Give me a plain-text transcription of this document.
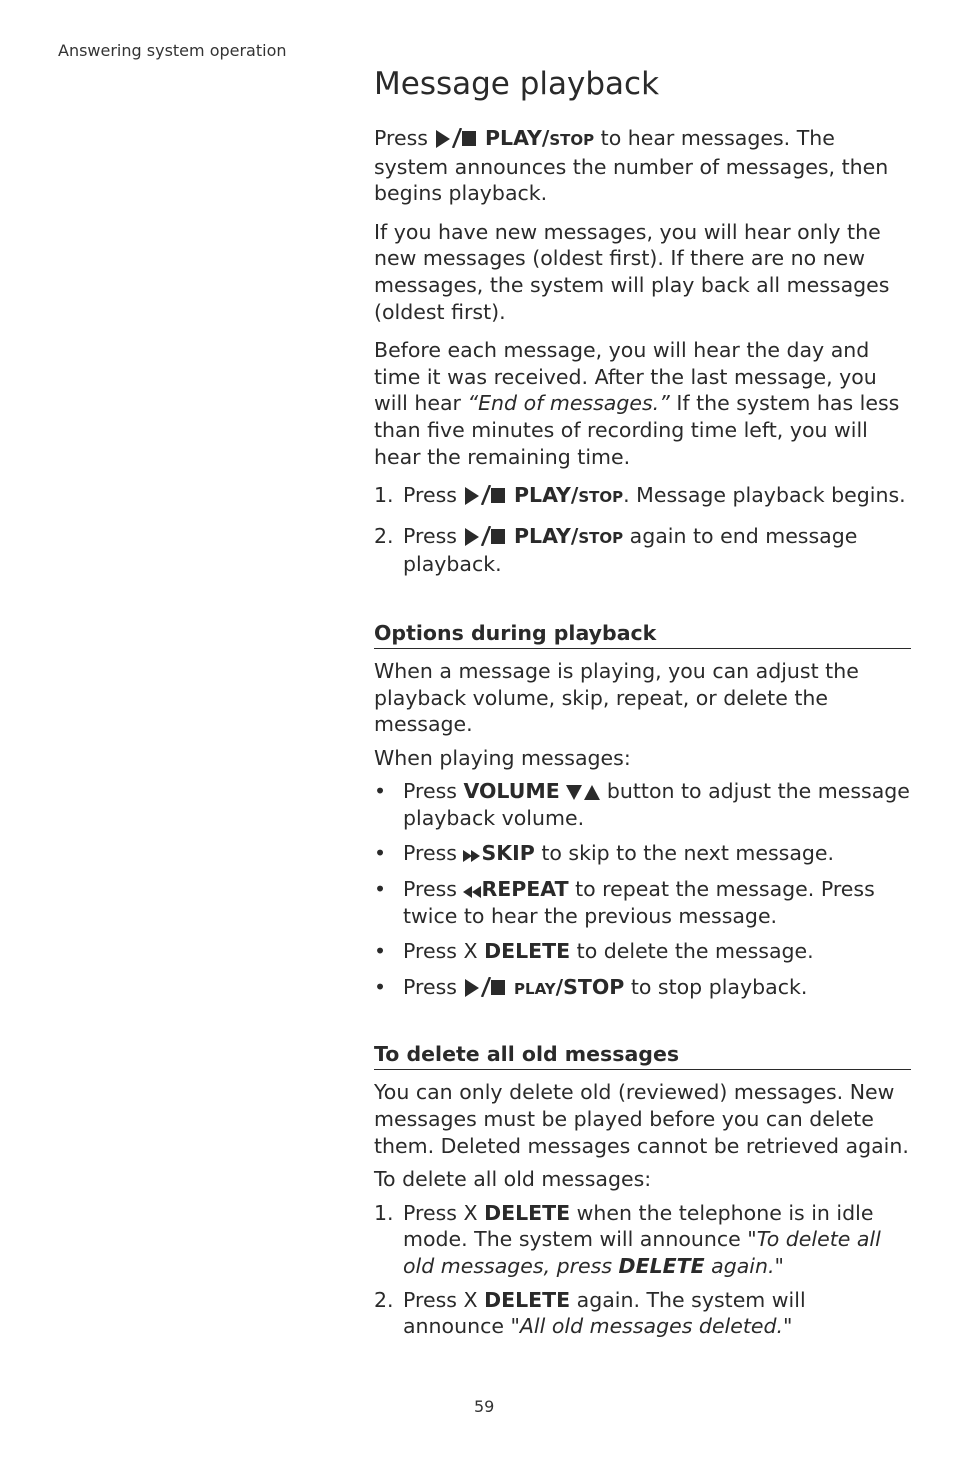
Answering system operation
Message playback

Press  PLAY/STOP to hear messages. The system announces the number of messages, then begins playback.

If you have new messages, you will hear only the new messages (oldest first). If there are no new messages, the system will play back all messages (oldest first).

Before each message, you will hear the day and time it was received. After the last message, you will hear “End of messages.” If the system has less than five minutes of recording time left, you will hear the remaining time.

1. Press  PLAY/STOP. Message playback begins.
2. Press  PLAY/STOP again to end message playback.
Options during playback

When a message is playing, you can adjust the playback volume, skip, repeat, or delete the message.

When playing messages:

• Press VOLUME  button to adjust the message playback volume.
• Press SKIP to skip to the next message.
• Press REPEAT to repeat the message. Press twice to hear the previous message.
• Press X DELETE to delete the message.
• Press	PLAY/STOP to stop playback.
To delete all old messages

You can only delete old (reviewed) messages. New messages must be played before you can delete them. Deleted messages cannot be retrieved again.

To delete all old messages:

1. Press X DELETE when the telephone is in idle mode. The system will announce "To delete all old messages, press DELETE again."
2. Press X DELETE again. The system will announce "All old messages deleted."
59
